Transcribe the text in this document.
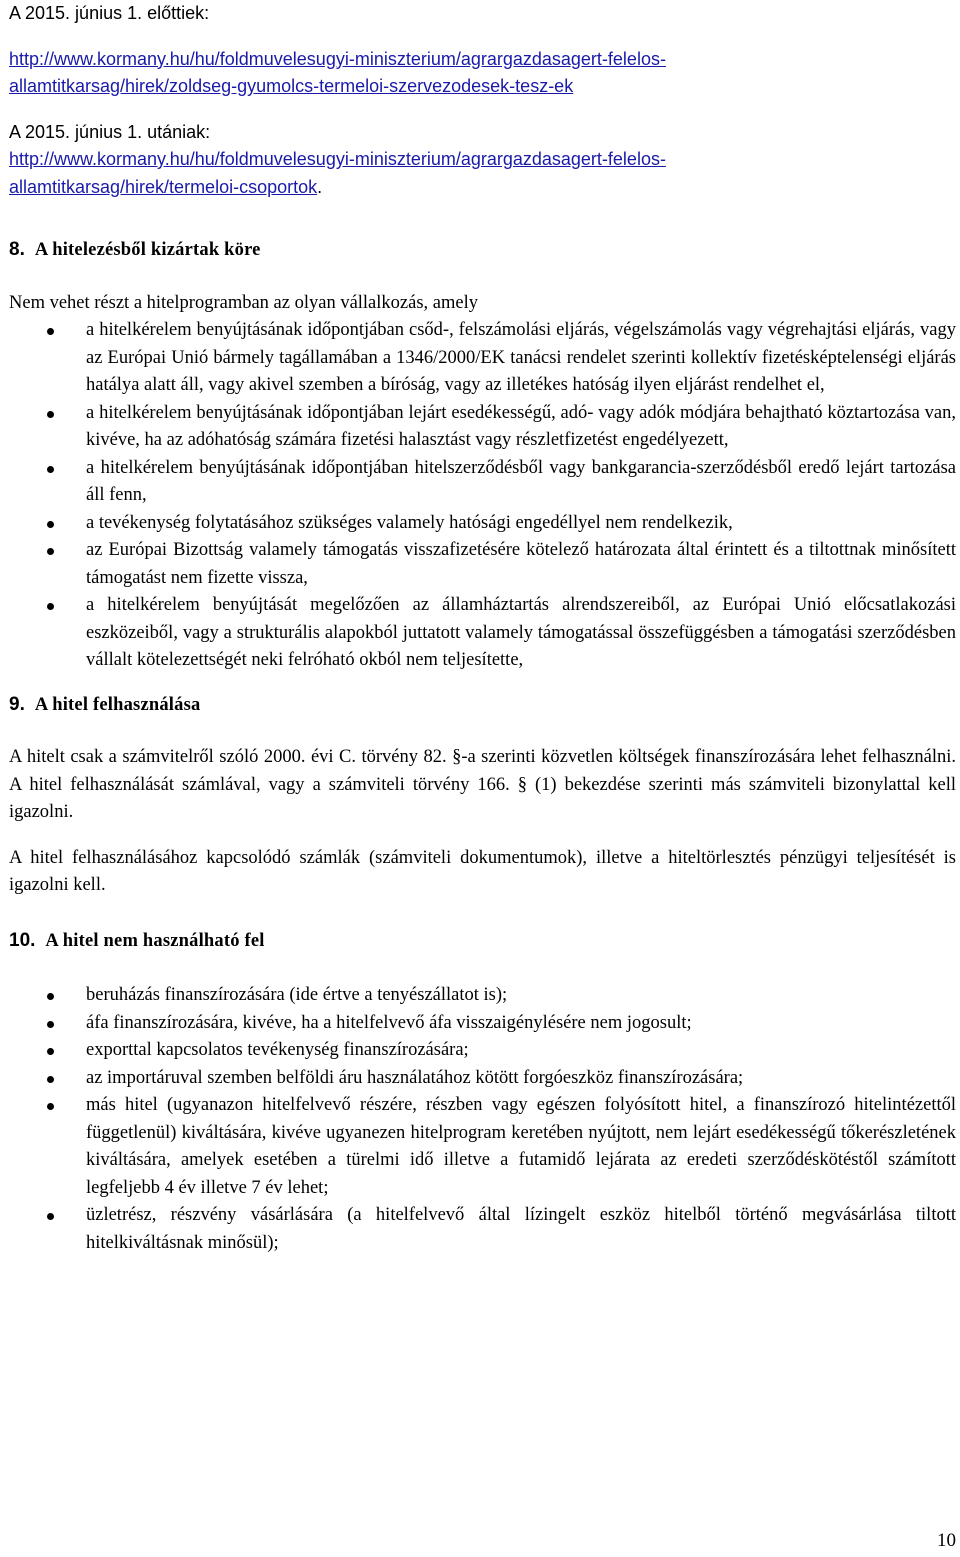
A 2015. június 1. előttiek:

http://www.kormany.hu/hu/foldmuvelesugyi-miniszterium/agrargazdasagert-felelos-

allamtitkarsag/hirek/zoldseg-gyumolcs-termeloi-szervezodesek-tesz-ek

A 2015. június 1. utániak:

http://www.kormany.hu/hu/foldmuvelesugyi-miniszterium/agrargazdasagert-felelos-

allamtitkarsag/hirek/termeloi-csoportok.

8. A hitelezésből kizártak köre

Nem vehet részt a hitelprogramban az olyan vállalkozás, amely

a hitelkérelem benyújtásának időpontjában csőd-, felszámolási eljárás, végelszámolás vagy végrehajtási eljárás, vagy az Európai Unió bármely tagállamában a 1346/2000/EK tanácsi rendelet szerinti kollektív fizetésképtelenségi eljárás hatálya alatt áll, vagy akivel szemben a bíróság, vagy az illetékes hatóság ilyen eljárást rendelhet el,
a hitelkérelem benyújtásának időpontjában lejárt esedékességű, adó- vagy adók módjára behajtható köztartozása van, kivéve, ha az adóhatóság számára fizetési halasztást vagy részletfizetést engedélyezett,
a hitelkérelem benyújtásának időpontjában hitelszerződésből vagy bankgarancia-szerződésből eredő lejárt tartozása áll fenn,
a tevékenység folytatásához szükséges valamely hatósági engedéllyel nem rendelkezik,
az Európai Bizottság valamely támogatás visszafizetésére kötelező határozata által érintett és a tiltottnak minősített támogatást nem fizette vissza,
a hitelkérelem benyújtását megelőzően az államháztartás alrendszereiből, az Európai Unió előcsatlakozási eszközeiből, vagy a strukturális alapokból juttatott valamely támogatással összefüggésben a támogatási szerződésben vállalt kötelezettségét neki felróható okból nem teljesítette,

9. A hitel felhasználása

A hitelt csak a számvitelről szóló 2000. évi C. törvény 82. §-a szerinti közvetlen költségek finanszírozására lehet felhasználni. A hitel felhasználását számlával, vagy a számviteli törvény 166. § (1) bekezdése szerinti más számviteli bizonylattal kell igazolni.

A hitel felhasználásához kapcsolódó számlák (számviteli dokumentumok), illetve a hiteltörlesztés pénzügyi teljesítését is igazolni kell.

10. A hitel nem használható fel

beruházás finanszírozására (ide értve a tenyészállatot is);
áfa finanszírozására, kivéve, ha a hitelfelvevő áfa visszaigénylésére nem jogosult;
exporttal kapcsolatos tevékenység finanszírozására;
az importáruval szemben belföldi áru használatához kötött forgóeszköz finanszírozására;
más hitel (ugyanazon hitelfelvevő részére, részben vagy egészen folyósított hitel, a finanszírozó hitelintézettől függetlenül) kiváltására, kivéve ugyanezen hitelprogram keretében nyújtott, nem lejárt esedékességű tőkerészletének kiváltására, amelyek esetében a türelmi idő illetve a futamidő lejárata az eredeti szerződéskötéstől számított legfeljebb 4 év illetve 7 év lehet;
üzletrész, részvény vásárlására (a hitelfelvevő által lízingelt eszköz hitelből történő megvásárlása tiltott hitelkiváltásnak minősül);
10
